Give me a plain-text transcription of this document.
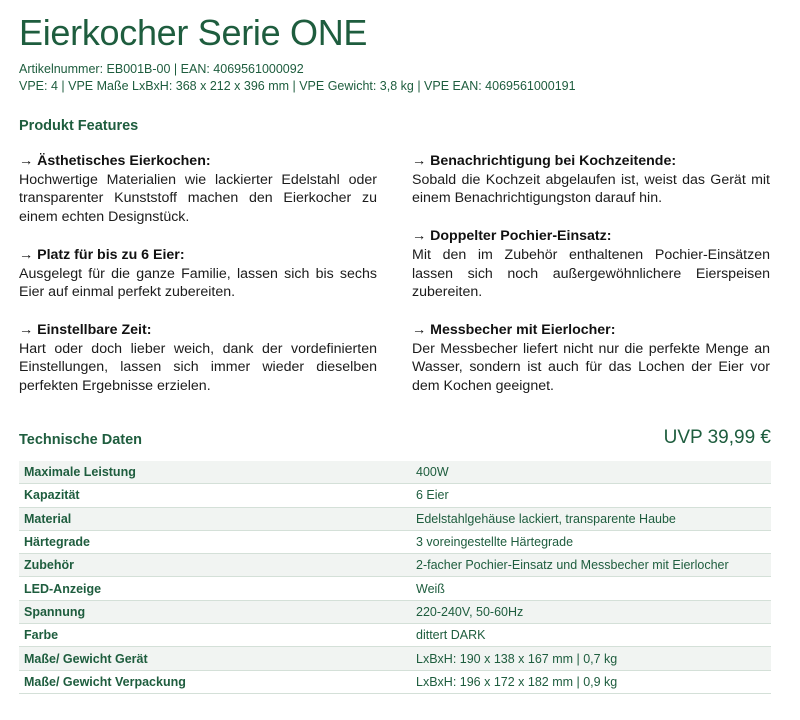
Eierkocher Serie ONE
Artikelnummer: EB001B-00 | EAN: 4069561000092
VPE: 4 | VPE Maße LxBxH: 368 x 212 x 396 mm | VPE Gewicht: 3,8 kg | VPE EAN: 4069561000191
Produkt Features
→ Ästhetisches Eierkochen:
Hochwertige Materialien wie lackierter Edelstahl oder transparenter Kunststoff machen den Eierkocher zu einem echten Designstück.
→ Platz für bis zu 6 Eier:
Ausgelegt für die ganze Familie, lassen sich bis sechs Eier auf einmal perfekt zubereiten.
→ Einstellbare Zeit:
Hart oder doch lieber weich, dank der vordefinierten Einstellungen, lassen sich immer wieder dieselben perfekten Ergebnisse erzielen.
→ Benachrichtigung bei Kochzeitende:
Sobald die Kochzeit abgelaufen ist, weist das Gerät mit einem Benachrichtigungston darauf hin.
→ Doppelter Pochier-Einsatz:
Mit den im Zubehör enthaltenen Pochier-Einsätzen lassen sich noch außergewöhnlichere Eierspeisen zubereiten.
→ Messbecher mit Eierlocher:
Der Messbecher liefert nicht nur die perfekte Menge an Wasser, sondern ist auch für das Lochen der Eier vor dem Kochen geeignet.
Technische Daten	UVP 39,99 €
Maximale Leistung	400W
Kapazität	6 Eier
Material	Edelstahlgehäuse lackiert, transparente Haube
Härtegrade	3 voreingestellte Härtegrade
Zubehör	2-facher Pochier-Einsatz und Messbecher mit Eierlocher
LED-Anzeige	Weiß
Spannung	220-240V, 50-60Hz
Farbe	dittert DARK
Maße/ Gewicht Gerät	LxBxH: 190 x 138 x 167 mm | 0,7 kg
Maße/ Gewicht Verpackung	LxBxH: 196 x 172 x 182 mm | 0,9 kg
